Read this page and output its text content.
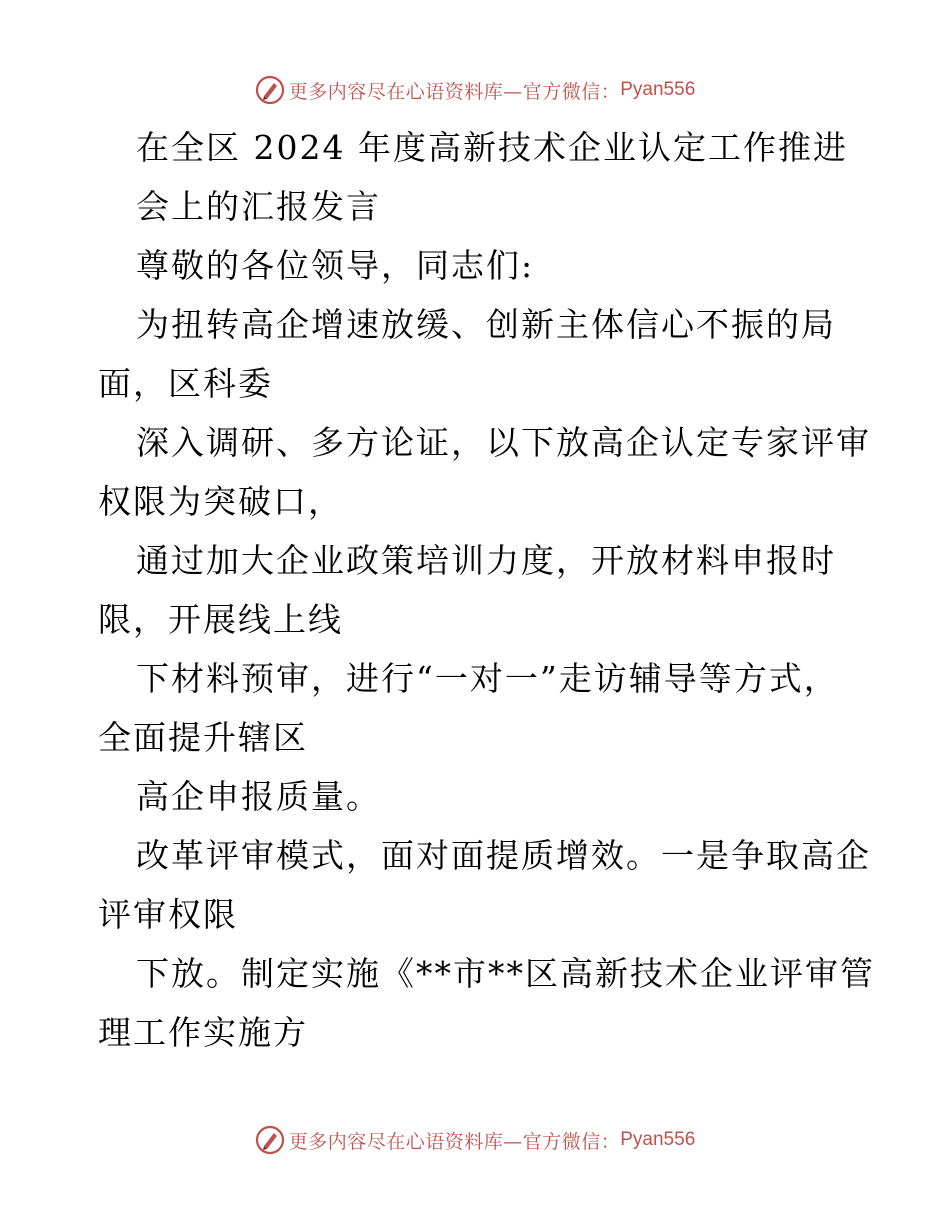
更多内容尽在心语资料库—官方微信： Pyan556
在全区 2024 年度高新技术企业认定工作推进
会上的汇报发言
尊敬的各位领导，同志们:
为扭转高企增速放缓、创新主体信心不振的局
面，区科委
深入调研、多方论证，以下放高企认定专家评审
权限为突破口，
通过加大企业政策培训力度，开放材料申报时
限，开展线上线
下材料预审，进行“一对一”走访辅导等方式，
全面提升辖区
高企申报质量。
改革评审模式，面对面提质增效。一是争取高企
评审权限
下放。制定实施《**市**区高新技术企业评审管
理工作实施方
更多内容尽在心语资料库—官方微信： Pyan556
